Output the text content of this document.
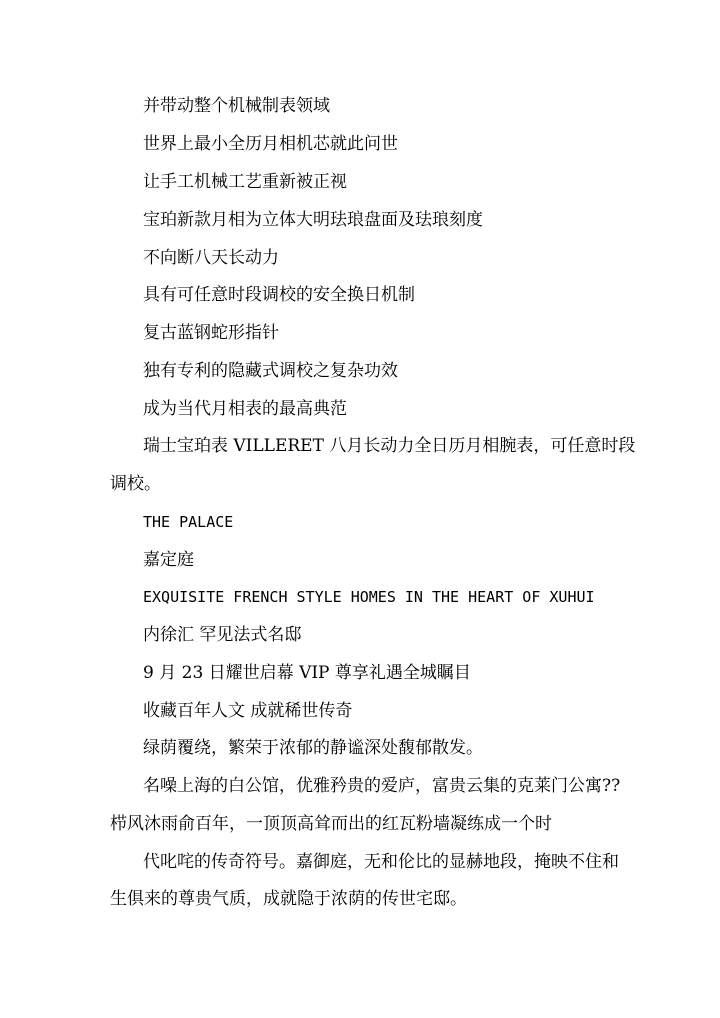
并带动整个机械制表领域
世界上最小全历月相机芯就此问世
让手工机械工艺重新被正视
宝珀新款月相为立体大明珐琅盘面及珐琅刻度
不向断八天长动力
具有可任意时段调校的安全换日机制
复古蓝钢蛇形指针
独有专利的隐藏式调校之复杂功效
成为当代月相表的最高典范
瑞士宝珀表 VILLERET 八月长动力全日历月相腕表，可任意时段
调校。
THE PALACE
嘉定庭
EXQUISITE FRENCH STYLE HOMES IN THE HEART OF XUHUI
内徐汇 罕见法式名邸
9 月 23 日耀世启幕 VIP 尊享礼遇全城瞩目
收藏百年人文 成就稀世传奇
绿荫覆绕，繁荣于浓郁的静谧深处馥郁散发。
名噪上海的白公馆，优雅矜贵的爱庐，富贵云集的克莱门公寓??
栉风沐雨俞百年，一顶顶高耸而出的红瓦粉墙凝练成一个时
代叱咤的传奇符号。嘉御庭，无和伦比的显赫地段，掩映不住和
生俱来的尊贵气质，成就隐于浓荫的传世宅邸。
